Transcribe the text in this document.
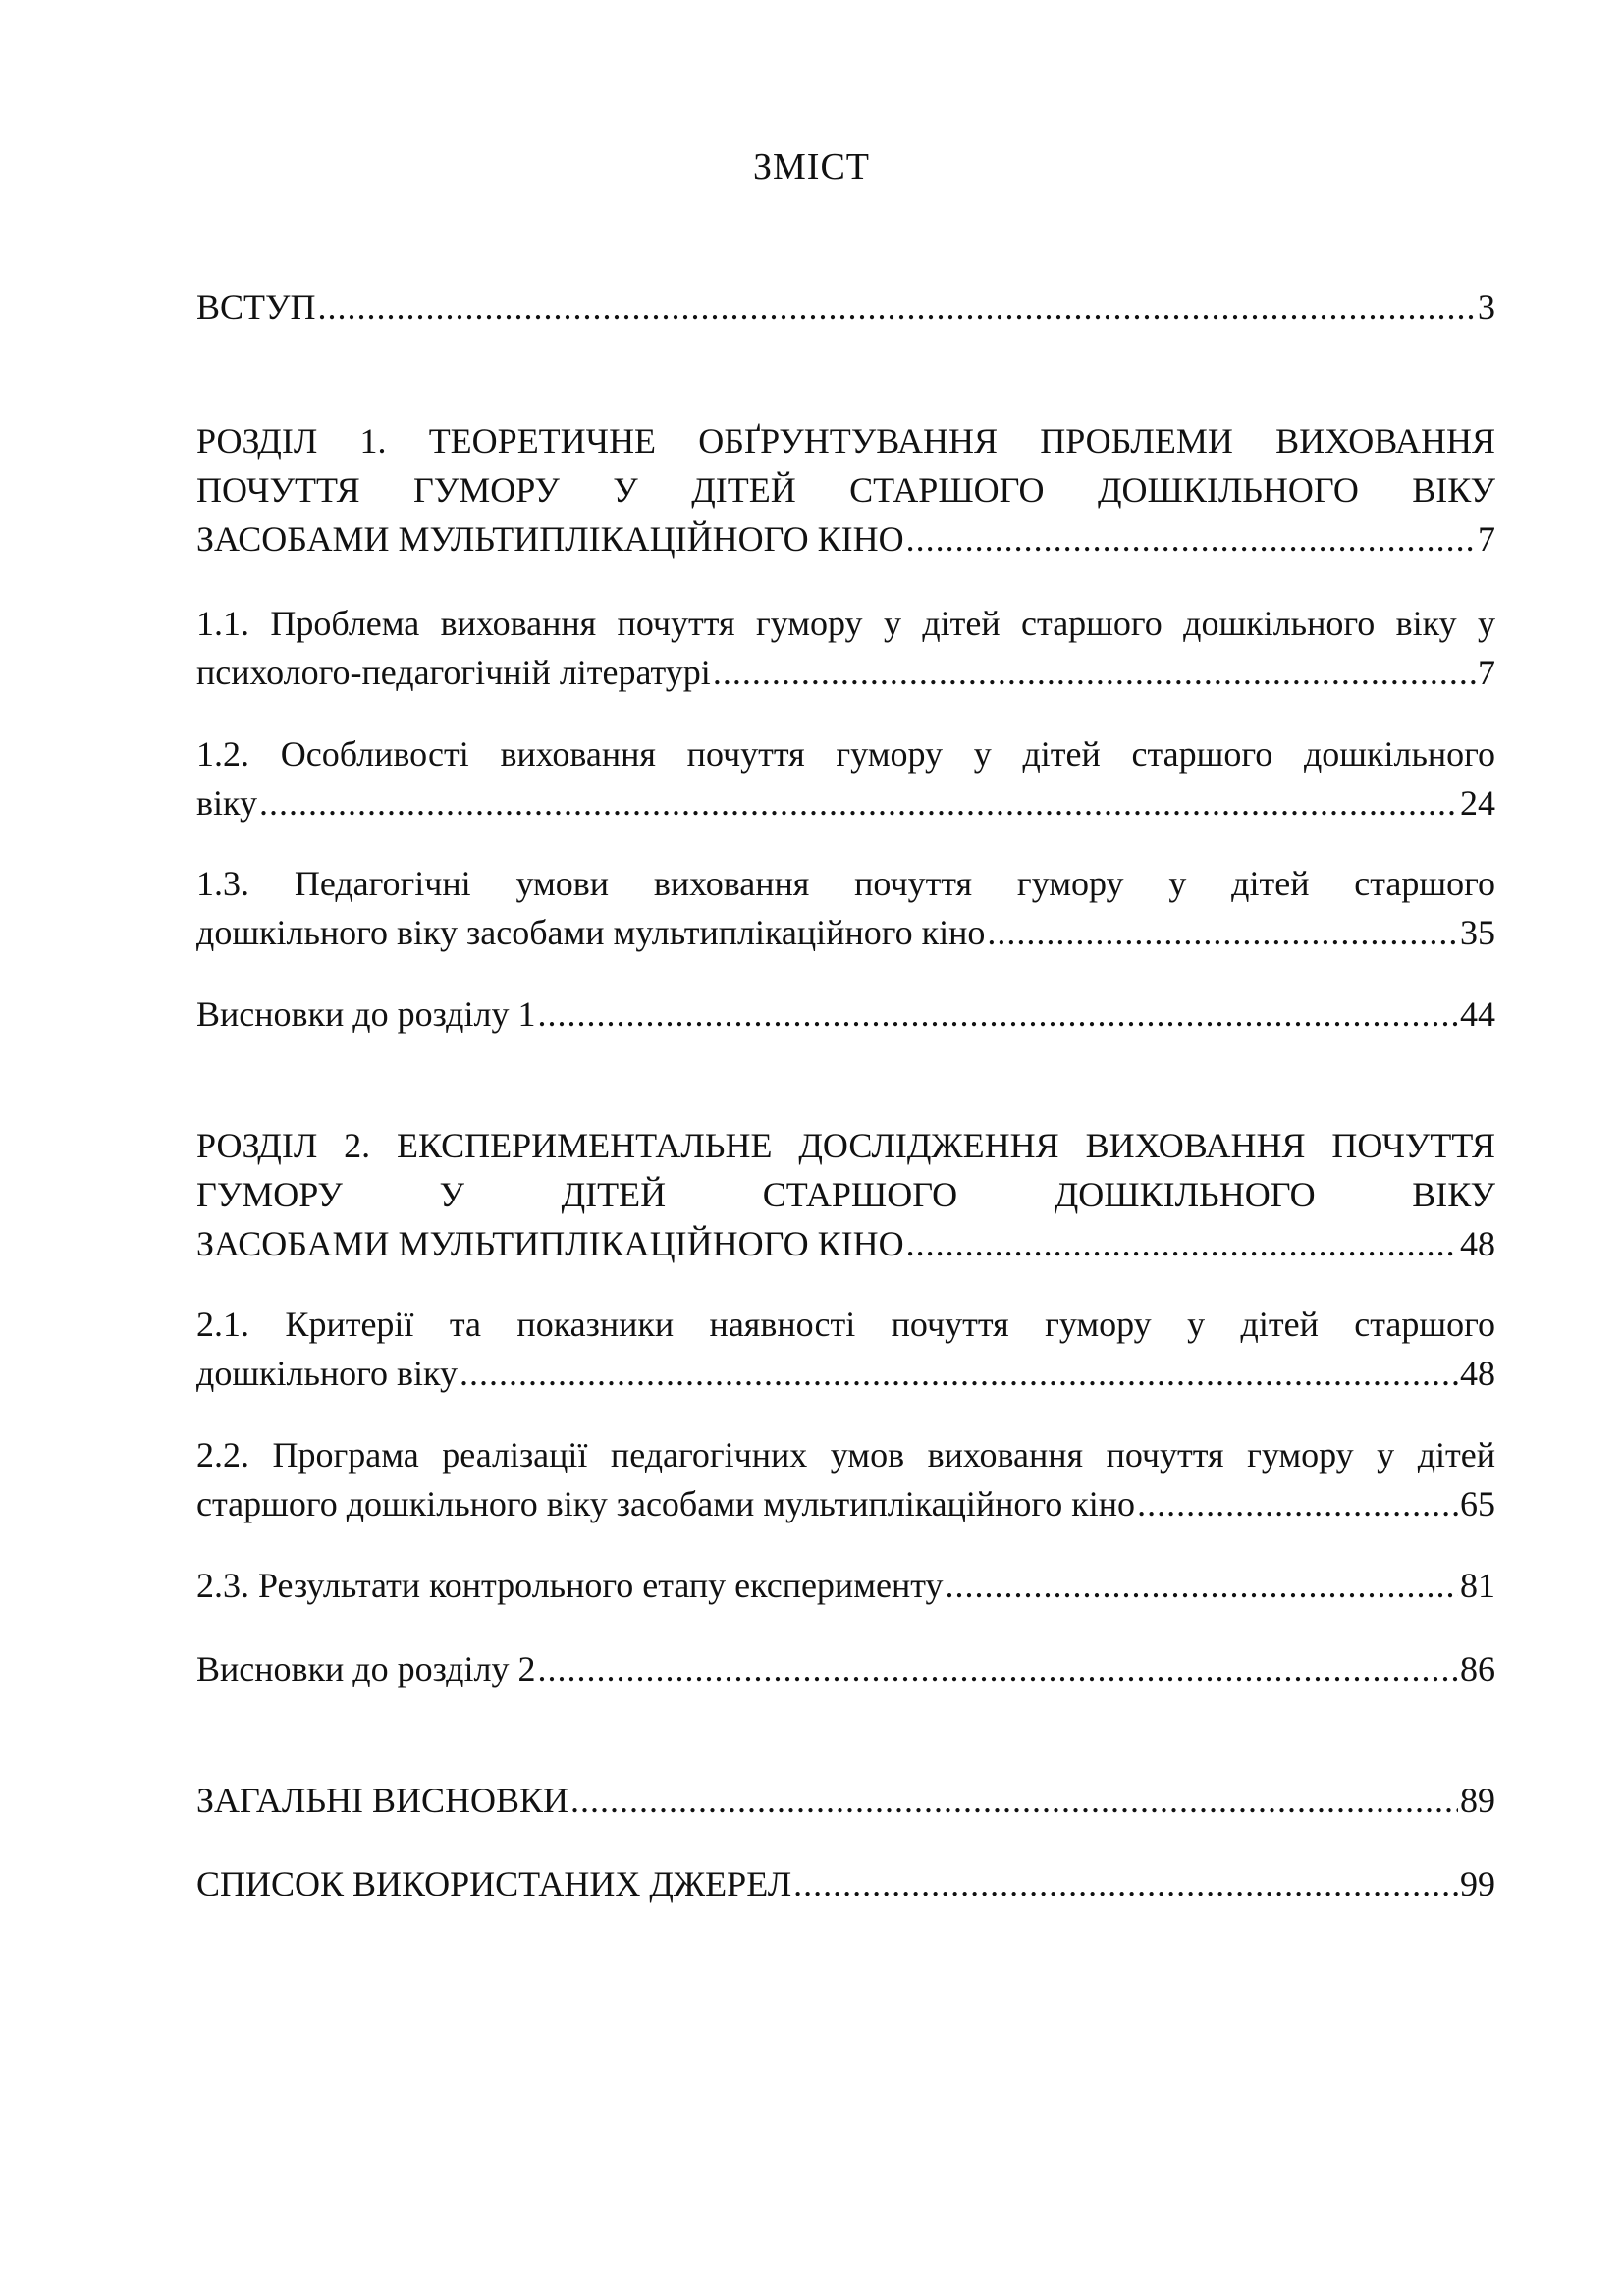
ЗМІСТ
ВСТУП .....	3
РОЗДІЛ 1. ТЕОРЕТИЧНЕ ОБҐРУНТУВАННЯ ПРОБЛЕМИ ВИХОВАННЯ ПОЧУТТЯ ГУМОРУ У ДІТЕЙ СТАРШОГО ДОШКІЛЬНОГО ВІКУ
ЗАСОБАМИ МУЛЬТИПЛІКАЦІЙНОГО КІНО .....	7
1.1. Проблема виховання почуття гумору у дітей старшого дошкільного віку у
психолого-педагогічній літературі .....	7
1.2. Особливості виховання почуття гумору у дітей старшого дошкільного
віку .....	24
1.3. Педагогічні умови виховання почуття гумору у дітей старшого
дошкільного віку засобами мультиплікаційного кіно .....	35
Висновки до розділу 1 .....	44
РОЗДІЛ 2. ЕКСПЕРИМЕНТАЛЬНЕ ДОСЛІДЖЕННЯ ВИХОВАННЯ ПОЧУТТЯ ГУМОРУ У ДІТЕЙ СТАРШОГО ДОШКІЛЬНОГО ВІКУ
ЗАСОБАМИ МУЛЬТИПЛІКАЦІЙНОГО КІНО .....	48
2.1. Критерії та показники наявності почуття гумору у дітей старшого
дошкільного віку .....	48
2.2. Програма реалізації педагогічних умов виховання почуття гумору у дітей
старшого дошкільного віку засобами мультиплікаційного кіно .....	65
2.3. Результати контрольного етапу експерименту .....	81
Висновки до розділу 2 .....	86
ЗАГАЛЬНІ ВИСНОВКИ .....	89
СПИСОК ВИКОРИСТАНИХ ДЖЕРЕЛ .....	99
